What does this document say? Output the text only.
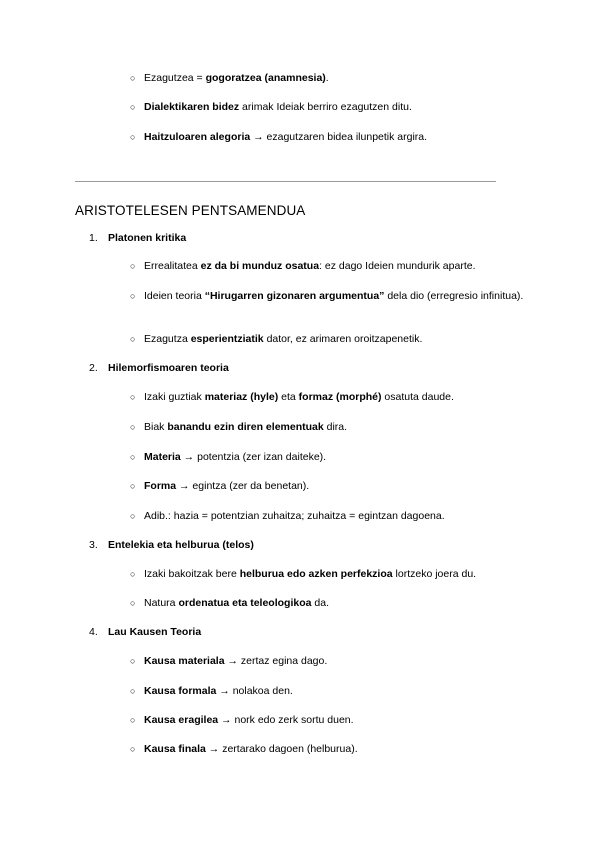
○ Ezagutzea = gogoratzea (anamnesia).
○ Dialektikaren bidez arimak Ideiak berriro ezagutzen ditu.
○ Haitzuloaren alegoria → ezagutzaren bidea ilunpetik argira.
ARISTOTELESEN PENTSAMENDUA
1. Platonen kritika
○ Errealitatea ez da bi munduz osatua: ez dago Ideien mundurik aparte.
○ Ideien teoria “Hirugarren gizonaren argumentua” dela dio (erregresio infinitua).
○ Ezagutza esperientziatik dator, ez arimaren oroitzapenetik.
2. Hilemorfismoaren teoria
○ Izaki guztiak materiaz (hyle) eta formaz (morphé) osatuta daude.
○ Biak banandu ezin diren elementuak dira.
○ Materia → potentzia (zer izan daiteke).
○ Forma → egintza (zer da benetan).
○ Adib.: hazia = potentzian zuhaitza; zuhaitza = egintzan dagoena.
3. Entelekia eta helburua (telos)
○ Izaki bakoitzak bere helburua edo azken perfekzioa lortzeko joera du.
○ Natura ordenatua eta teleologikoa da.
4. Lau Kausen Teoria
○ Kausa materiala → zertaz egina dago.
○ Kausa formala → nolakoa den.
○ Kausa eragilea → nork edo zerk sortu duen.
○ Kausa finala → zertarako dagoen (helburua).
